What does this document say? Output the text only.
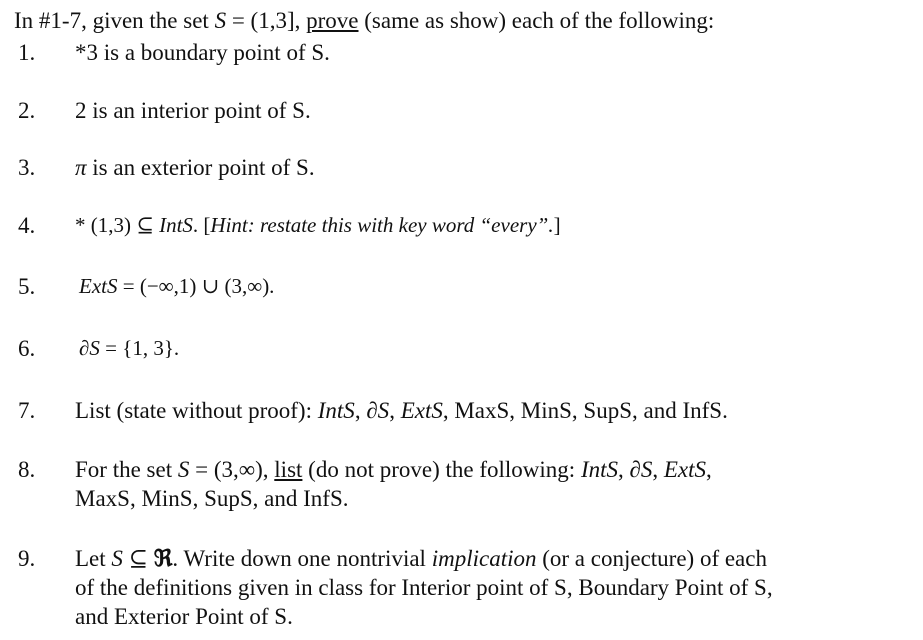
In #1-7, given the set S = (1,3], prove (same as show) each of the following:
1.	*3 is a boundary point of S.
2.	2 is an interior point of S.
3.	π is an exterior point of S.
4.	* (1,3) ⊆ IntS. [Hint: restate this with key word “every”.]
5.	ExtS = (−∞,1) ∪ (3,∞).
6.	∂S = {1, 3}.
7.	List (state without proof): IntS, ∂S, ExtS, MaxS, MinS, SupS, and InfS.
8.	For the set S = (3,∞), list (do not prove) the following: IntS, ∂S, ExtS,
MaxS, MinS, SupS, and InfS.
9.	Let S ⊆ ℜ. Write down one nontrivial implication (or a conjecture) of each
of the definitions given in class for Interior point of S, Boundary Point of S,
and Exterior Point of S.
